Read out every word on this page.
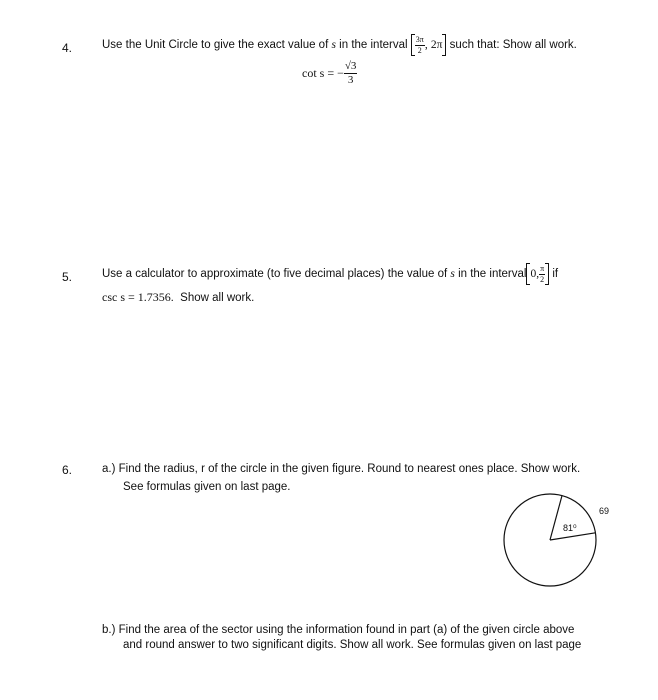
4.	Use the Unit Circle to give the exact value of
s
in the interval
$\frac{3\pi}{2}$ ,
2π
such that: Show all work.
cot s =
− $\frac{√3}{3}$
5.	Use a calculator to approximate (to five decimal places) the value of
s
in the interval 0, $\frac{\pi}{2}$
if
csc s = 1.7356. Show all work.
6.	a.) Find the radius, r of the circle in the given figure. Round to nearest ones place. Show work.
See formulas given on last page.
81⁰
69
b.) Find the area of the sector using the information found in part (a) of the given circle above
and round answer to two significant digits. Show all work. See formulas given on last page
